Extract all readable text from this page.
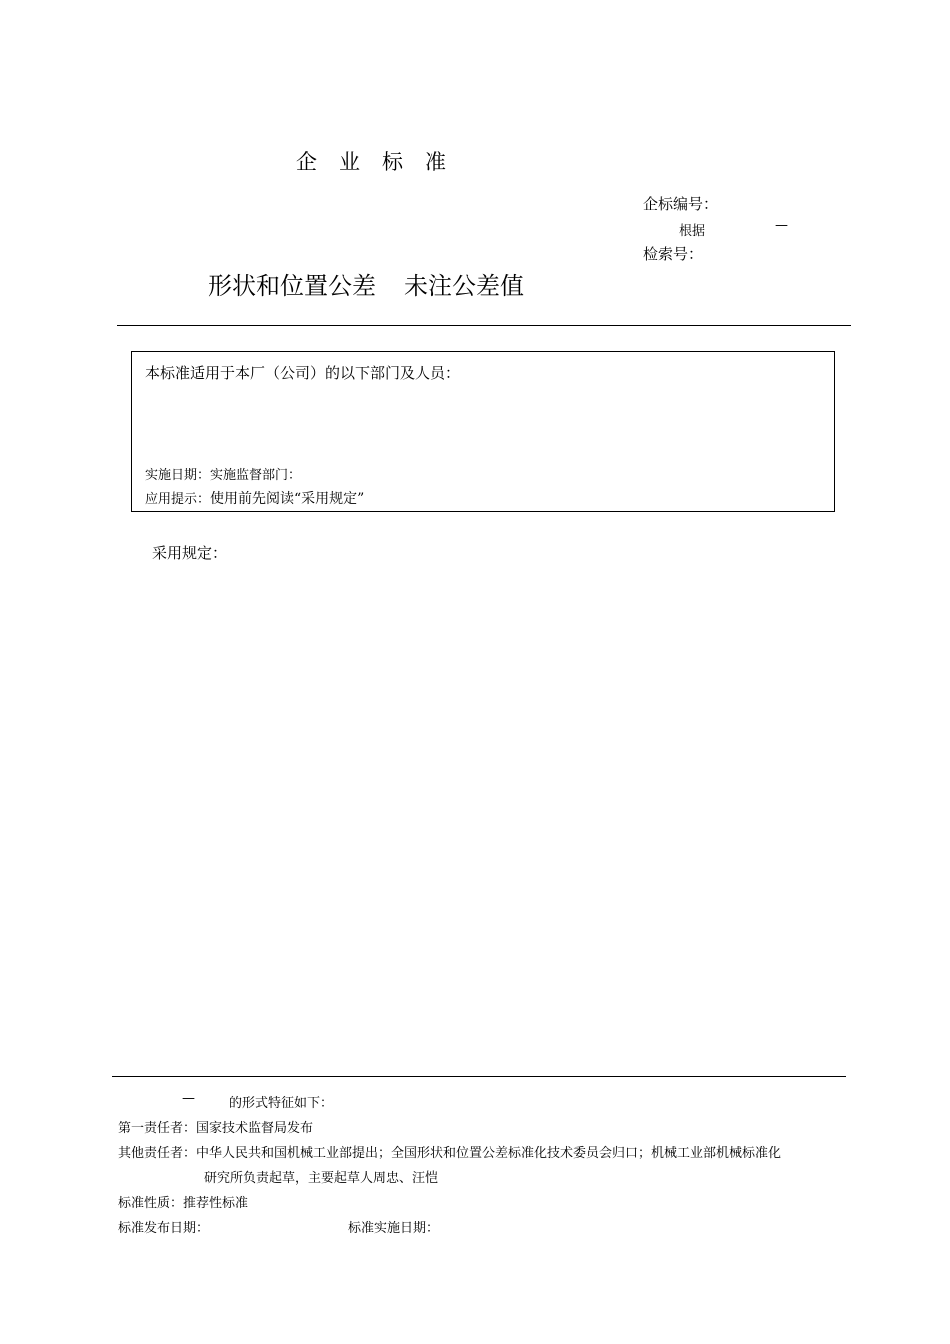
企业标准
企标编号：
根据	—
检索号：
形状和位置公差 未注公差值
本标准适用于本厂（公司）的以下部门及人员：
实施日期：实施监督部门：
应用提示：使用前先阅读“采用规定”
采用规定：
—	的形式特征如下：
第一责任者：国家技术监督局发布
其他责任者：中华人民共和国机械工业部提出；全国形状和位置公差标准化技术委员会归口；机械工业部机械标准化
研究所负责起草，主要起草人周忠、汪恺
标准性质：推荐性标准
标准发布日期：	标准实施日期：
